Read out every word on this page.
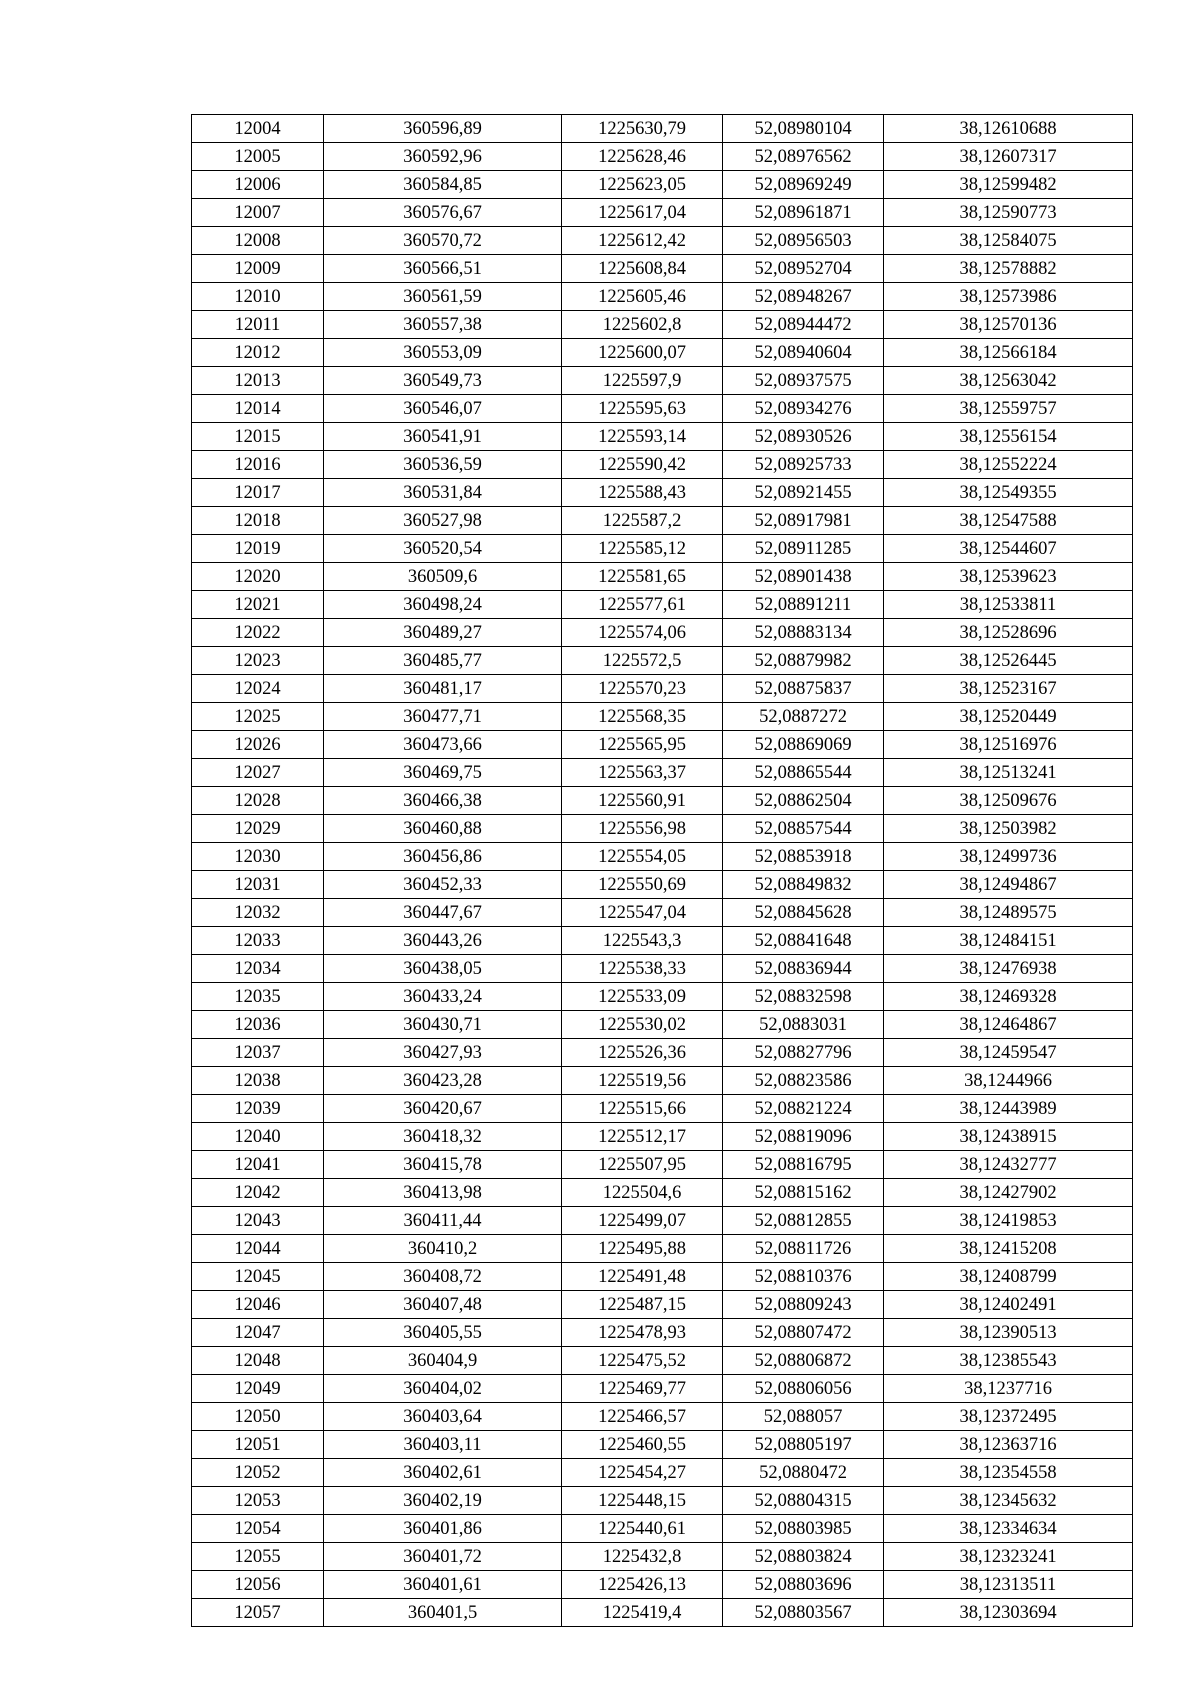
12004	360596,89	1225630,79	52,08980104	38,12610688
12005	360592,96	1225628,46	52,08976562	38,12607317
12006	360584,85	1225623,05	52,08969249	38,12599482
12007	360576,67	1225617,04	52,08961871	38,12590773
12008	360570,72	1225612,42	52,08956503	38,12584075
12009	360566,51	1225608,84	52,08952704	38,12578882
12010	360561,59	1225605,46	52,08948267	38,12573986
12011	360557,38	1225602,8	52,08944472	38,12570136
12012	360553,09	1225600,07	52,08940604	38,12566184
12013	360549,73	1225597,9	52,08937575	38,12563042
12014	360546,07	1225595,63	52,08934276	38,12559757
12015	360541,91	1225593,14	52,08930526	38,12556154
12016	360536,59	1225590,42	52,08925733	38,12552224
12017	360531,84	1225588,43	52,08921455	38,12549355
12018	360527,98	1225587,2	52,08917981	38,12547588
12019	360520,54	1225585,12	52,08911285	38,12544607
12020	360509,6	1225581,65	52,08901438	38,12539623
12021	360498,24	1225577,61	52,08891211	38,12533811
12022	360489,27	1225574,06	52,08883134	38,12528696
12023	360485,77	1225572,5	52,08879982	38,12526445
12024	360481,17	1225570,23	52,08875837	38,12523167
12025	360477,71	1225568,35	52,0887272	38,12520449
12026	360473,66	1225565,95	52,08869069	38,12516976
12027	360469,75	1225563,37	52,08865544	38,12513241
12028	360466,38	1225560,91	52,08862504	38,12509676
12029	360460,88	1225556,98	52,08857544	38,12503982
12030	360456,86	1225554,05	52,08853918	38,12499736
12031	360452,33	1225550,69	52,08849832	38,12494867
12032	360447,67	1225547,04	52,08845628	38,12489575
12033	360443,26	1225543,3	52,08841648	38,12484151
12034	360438,05	1225538,33	52,08836944	38,12476938
12035	360433,24	1225533,09	52,08832598	38,12469328
12036	360430,71	1225530,02	52,0883031	38,12464867
12037	360427,93	1225526,36	52,08827796	38,12459547
12038	360423,28	1225519,56	52,08823586	38,1244966
12039	360420,67	1225515,66	52,08821224	38,12443989
12040	360418,32	1225512,17	52,08819096	38,12438915
12041	360415,78	1225507,95	52,08816795	38,12432777
12042	360413,98	1225504,6	52,08815162	38,12427902
12043	360411,44	1225499,07	52,08812855	38,12419853
12044	360410,2	1225495,88	52,08811726	38,12415208
12045	360408,72	1225491,48	52,08810376	38,12408799
12046	360407,48	1225487,15	52,08809243	38,12402491
12047	360405,55	1225478,93	52,08807472	38,12390513
12048	360404,9	1225475,52	52,08806872	38,12385543
12049	360404,02	1225469,77	52,08806056	38,1237716
12050	360403,64	1225466,57	52,088057	38,12372495
12051	360403,11	1225460,55	52,08805197	38,12363716
12052	360402,61	1225454,27	52,0880472	38,12354558
12053	360402,19	1225448,15	52,08804315	38,12345632
12054	360401,86	1225440,61	52,08803985	38,12334634
12055	360401,72	1225432,8	52,08803824	38,12323241
12056	360401,61	1225426,13	52,08803696	38,12313511
12057	360401,5	1225419,4	52,08803567	38,12303694
